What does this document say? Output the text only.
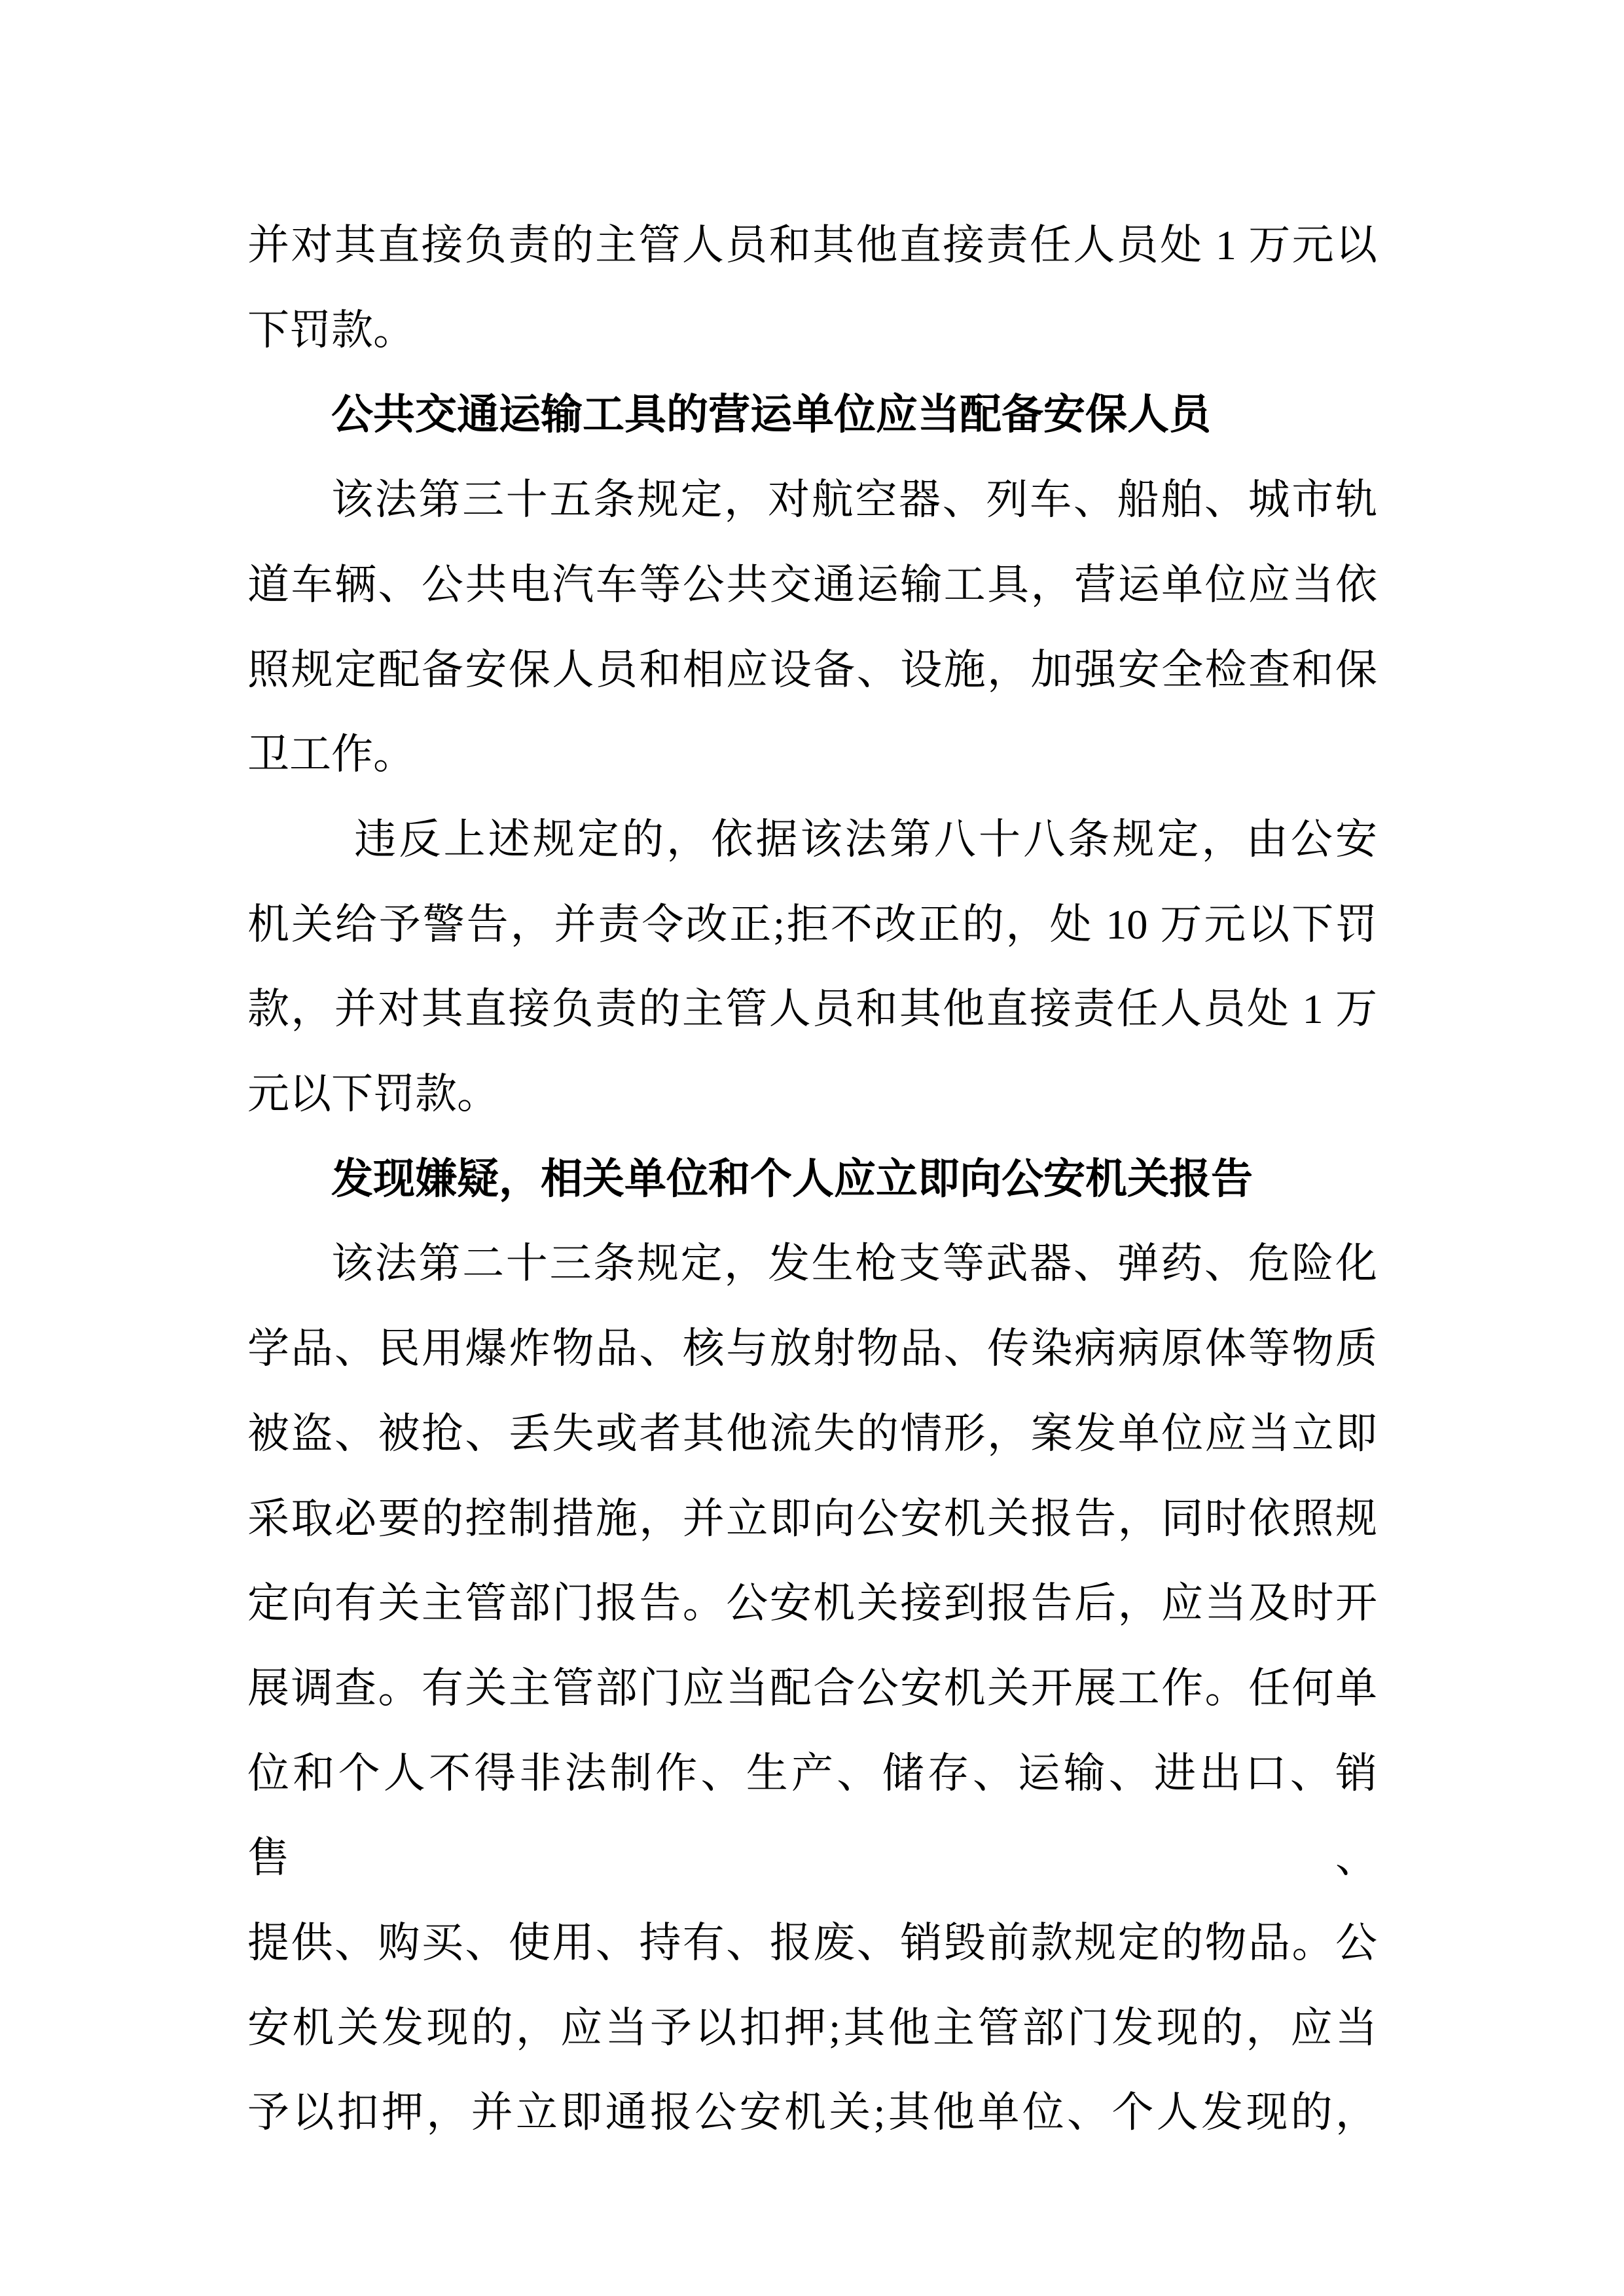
并对其直接负责的主管人员和其他直接责任人员处 1 万元以
下罚款。
公共交通运输工具的营运单位应当配备安保人员
该法第三十五条规定，对航空器、列车、船舶、城市轨
道车辆、公共电汽车等公共交通运输工具，营运单位应当依
照规定配备安保人员和相应设备、设施，加强安全检查和保
卫工作。
违反上述规定的，依据该法第八十八条规定，由公安
机关给予警告，并责令改正;拒不改正的，处 10 万元以下罚
款，并对其直接负责的主管人员和其他直接责任人员处 1 万
元以下罚款。
发现嫌疑，相关单位和个人应立即向公安机关报告
该法第二十三条规定，发生枪支等武器、弹药、危险化
学品、民用爆炸物品、核与放射物品、传染病病原体等物质
被盗、被抢、丢失或者其他流失的情形，案发单位应当立即
采取必要的控制措施，并立即向公安机关报告，同时依照规
定向有关主管部门报告。公安机关接到报告后，应当及时开
展调查。有关主管部门应当配合公安机关开展工作。任何单
位和个人不得非法制作、生产、储存、运输、进出口、销售、
提供、购买、使用、持有、报废、销毁前款规定的物品。公
安机关发现的，应当予以扣押;其他主管部门发现的，应当
予以扣押，并立即通报公安机关;其他单位、个人发现的，
